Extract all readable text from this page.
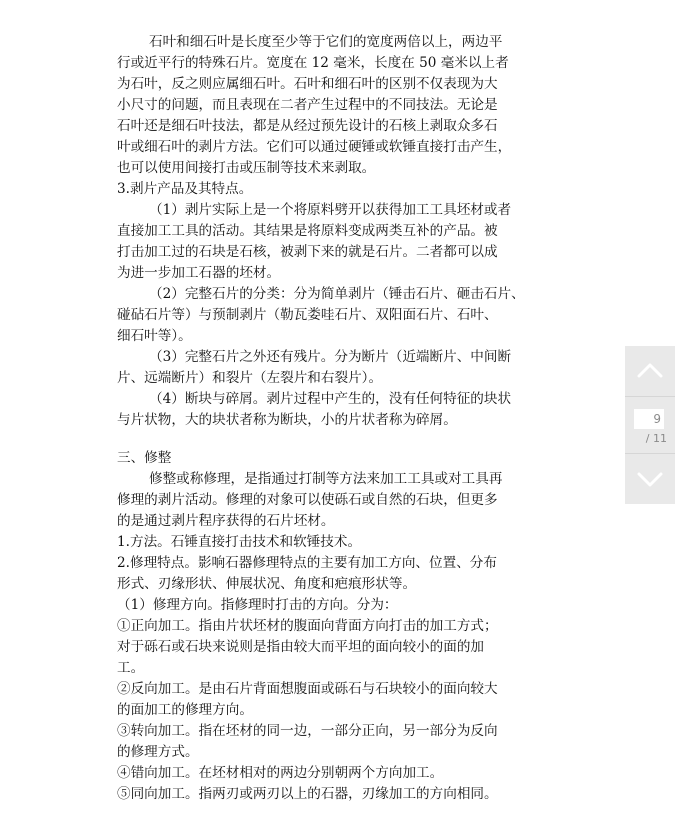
石叶和细石叶是长度至少等于它们的宽度两倍以上，两边平
行或近平行的特殊石片。宽度在 12 毫米，长度在 50 毫米以上者
为石叶，反之则应属细石叶。石叶和细石叶的区别不仅表现为大
小尺寸的问题，而且表现在二者产生过程中的不同技法。无论是
石叶还是细石叶技法，都是从经过预先设计的石核上剥取众多石
叶或细石叶的剥片方法。它们可以通过硬锤或软锤直接打击产生，
也可以使用间接打击或压制等技术来剥取。
3.剥片产品及其特点。
（1）剥片实际上是一个将原料劈开以获得加工工具坯材或者
直接加工工具的活动。其结果是将原料变成两类互补的产品。被
打击加工过的石块是石核，被剥下来的就是石片。二者都可以成
为进一步加工石器的坯材。
（2）完整石片的分类：分为简单剥片（锤击石片、砸击石片、
碰砧石片等）与预制剥片（勒瓦娄哇石片、双阳面石片、石叶、
细石叶等）。
（3）完整石片之外还有残片。分为断片（近端断片、中间断
片、远端断片）和裂片（左裂片和右裂片）。
（4）断块与碎屑。剥片过程中产生的，没有任何特征的块状
与片状物，大的块状者称为断块，小的片状者称为碎屑。
三、修整
修整或称修理，是指通过打制等方法来加工工具或对工具再
修理的剥片活动。修理的对象可以使砾石或自然的石块，但更多
的是通过剥片程序获得的石片坯材。
1.方法。石锤直接打击技术和软锤技术。
2.修理特点。影响石器修理特点的主要有加工方向、位置、分布
形式、刃缘形状、伸展状况、角度和疤痕形状等。
（1）修理方向。指修理时打击的方向。分为：
①正向加工。指由片状坯材的腹面向背面方向打击的加工方式；
对于砾石或石块来说则是指由较大而平坦的面向较小的面的加
工。
②反向加工。是由石片背面想腹面或砾石与石块较小的面向较大
的面加工的修理方向。
③转向加工。指在坯材的同一边，一部分正向，另一部分为反向
的修理方式。
④错向加工。在坯材相对的两边分别朝两个方向加工。
⑤同向加工。指两刃或两刃以上的石器，刃缘加工的方向相同。
9
/ 11
